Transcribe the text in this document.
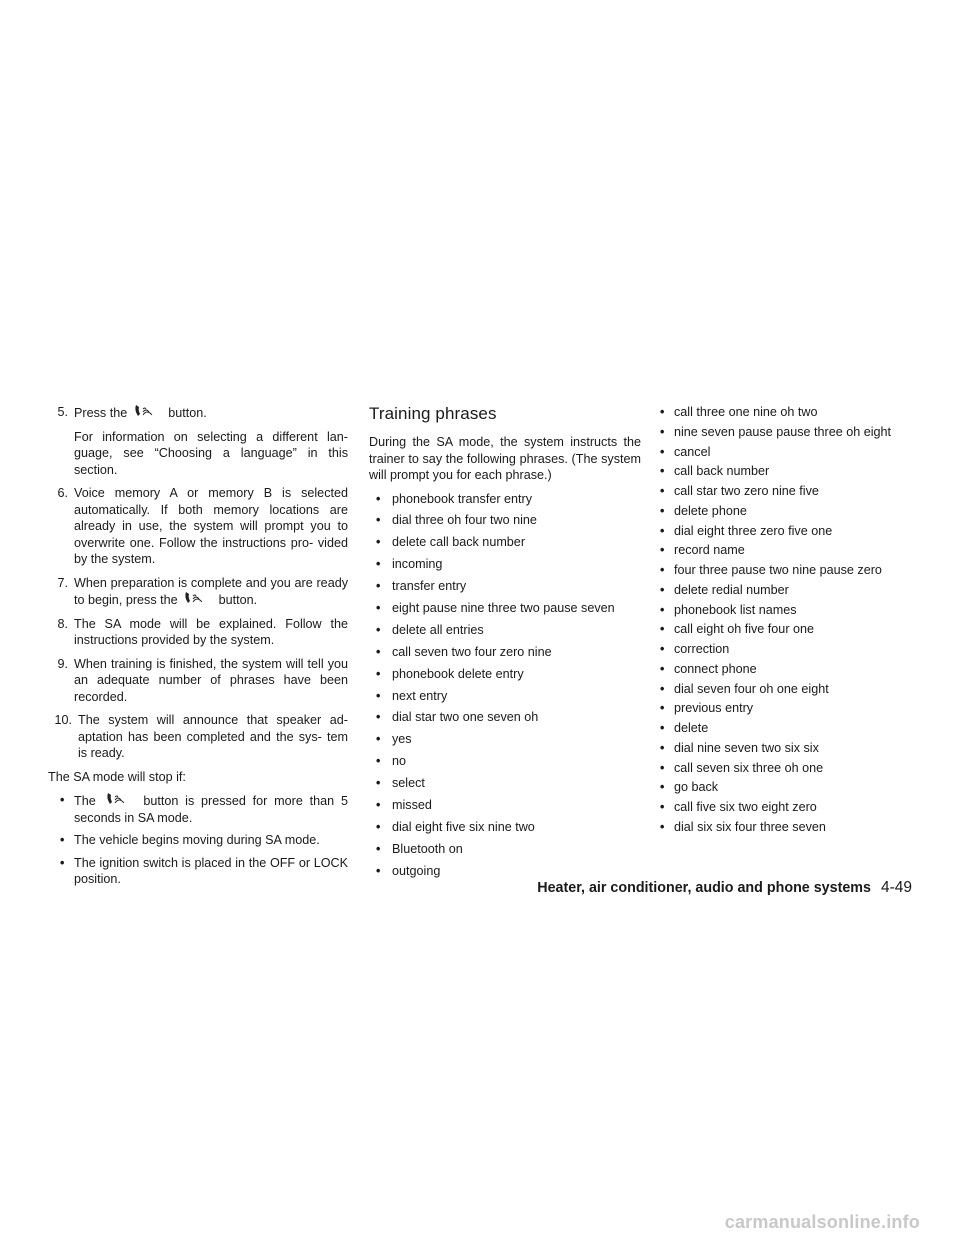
5. Press the	button.
For information on selecting a different lan- guage, see “Choosing a language” in this section.
6. Voice memory A or memory B is selected automatically. If both memory locations are already in use, the system will prompt you to overwrite one. Follow the instructions pro- vided by the system.
7. When preparation is complete and you are ready to begin, press the	button.
8. The SA mode will be explained. Follow the instructions provided by the system.
9. When training is finished, the system will tell you an adequate number of phrases have been recorded.
10. The system will announce that speaker ad- aptation has been completed and the sys- tem is ready.

The SA mode will stop if:

• The	button is pressed for more than 5 seconds in SA mode.
• The vehicle begins moving during SA mode.
• The ignition switch is placed in the OFF or LOCK position.
Training phrases

During the SA mode, the system instructs the trainer to say the following phrases. (The system will prompt you for each phrase.)

• phonebook transfer entry
• dial three oh four two nine
• delete call back number
• incoming
• transfer entry
• eight pause nine three two pause seven
• delete all entries
• call seven two four zero nine
• phonebook delete entry
• next entry
• dial star two one seven oh
• yes
• no
• select
• missed
• dial eight five six nine two
• Bluetooth on
• outgoing
• call three one nine oh two
• nine seven pause pause three oh eight
• cancel
• call back number
• call star two zero nine five
• delete phone
• dial eight three zero five one
• record name
• four three pause two nine pause zero
• delete redial number
• phonebook list names
• call eight oh five four one
• correction
• connect phone
• dial seven four oh one eight
• previous entry
• delete
• dial nine seven two six six
• call seven six three oh one
• go back
• call five six two eight zero
• dial six six four three seven
Heater, air conditioner, audio and phone systems 4-49
carmanualsonline.info
